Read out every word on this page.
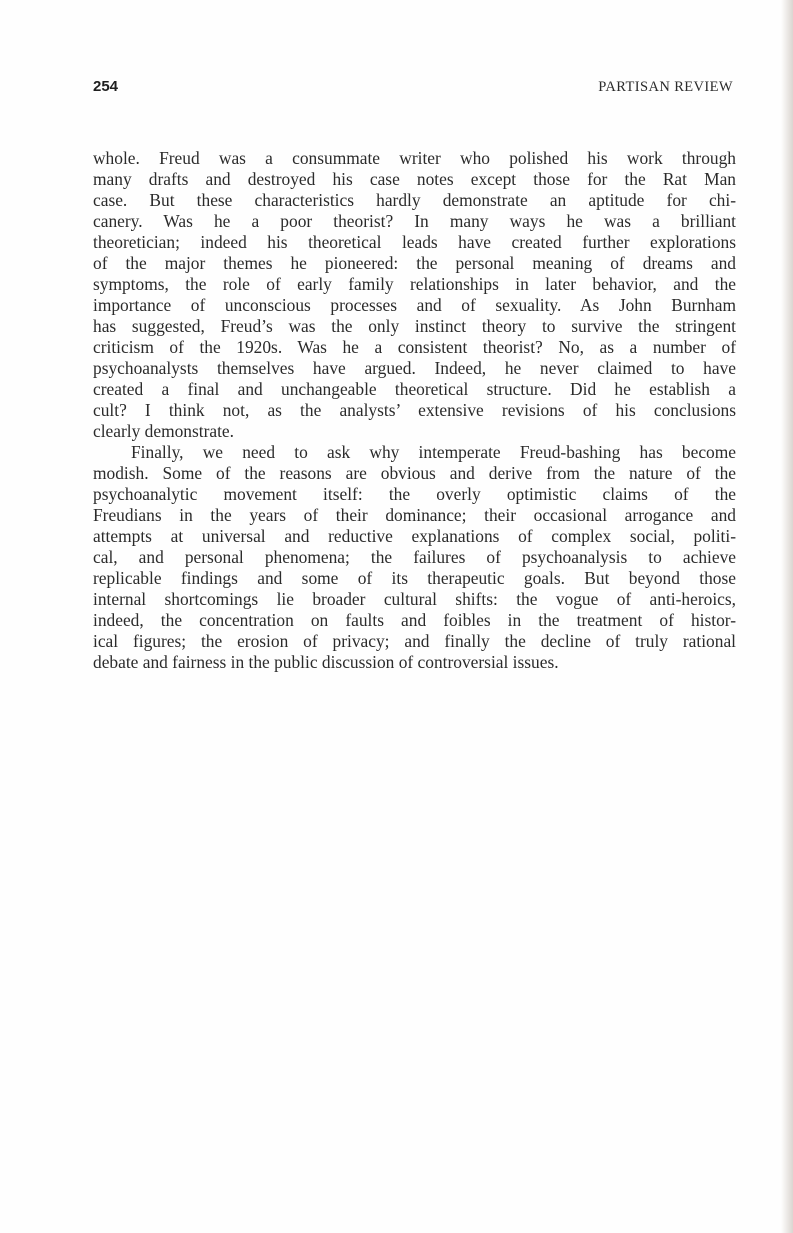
254	PARTISAN REVIEW
whole. Freud was a consummate writer who polished his work through
many drafts and destroyed his case notes except those for the Rat Man
case. But these characteristics hardly demonstrate an aptitude for chi-
canery. Was he a poor theorist? In many ways he was a brilliant
theoretician; indeed his theoretical leads have created further explorations
of the major themes he pioneered: the personal meaning of dreams and
symptoms, the role of early family relationships in later behavior, and the
importance of unconscious processes and of sexuality. As John Burnham
has suggested, Freud’s was the only instinct theory to survive the stringent
criticism of the 1920s. Was he a consistent theorist? No, as a number of
psychoanalysts themselves have argued. Indeed, he never claimed to have
created a final and unchangeable theoretical structure. Did he establish a
cult? I think not, as the analysts’ extensive revisions of his conclusions
clearly demonstrate.
Finally, we need to ask why intemperate Freud-bashing has become
modish. Some of the reasons are obvious and derive from the nature of the
psychoanalytic movement itself: the overly optimistic claims of the
Freudians in the years of their dominance; their occasional arrogance and
attempts at universal and reductive explanations of complex social, politi-
cal, and personal phenomena; the failures of psychoanalysis to achieve
replicable findings and some of its therapeutic goals. But beyond those
internal shortcomings lie broader cultural shifts: the vogue of anti-heroics,
indeed, the concentration on faults and foibles in the treatment of histor-
ical figures; the erosion of privacy; and finally the decline of truly rational
debate and fairness in the public discussion of controversial issues.
